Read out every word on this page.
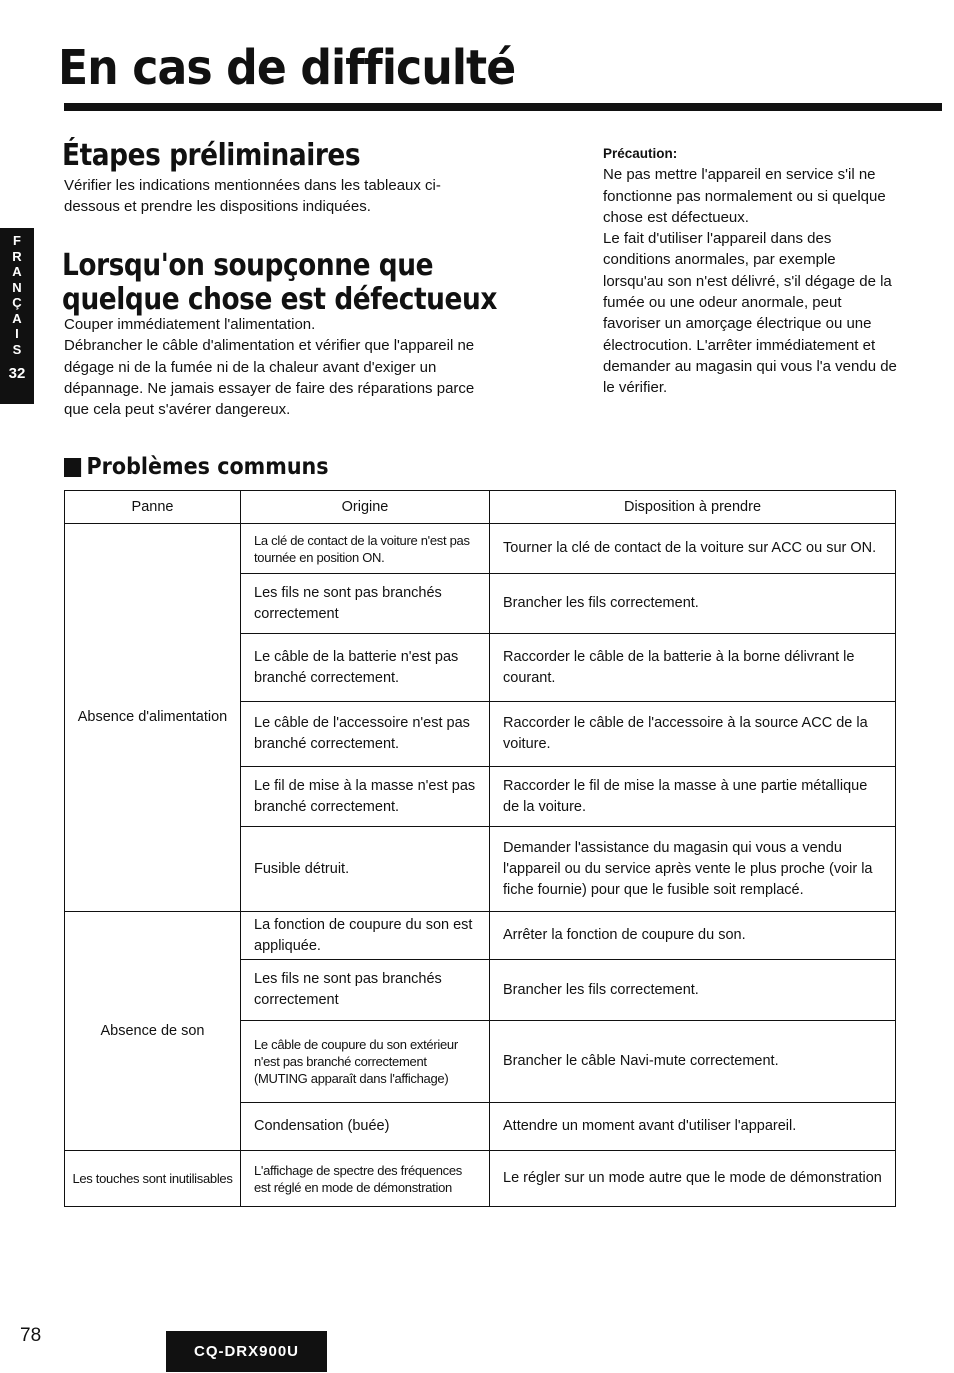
En cas de difficulté
F
R
A
N
Ç
A
I
S
32
Étapes préliminaires

Vérifier les indications mentionnées dans les tableaux ci-dessous et prendre les dispositions indiquées.

Lorsqu'on soupçonne que
quelque chose est défectueux

Couper immédiatement l'alimentation.

Débrancher le câble d'alimentation et vérifier que l'appareil ne dégage ni de la fumée ni de la chaleur avant d'exiger un dépannage. Ne jamais essayer de faire des réparations parce que cela peut s'avérer dangereux.

Précaution:

Ne pas mettre l'appareil en service s'il ne fonctionne pas normalement ou si quelque chose est défectueux.

Le fait d'utiliser l'appareil dans des conditions anormales, par exemple lorsqu'au son n'est délivré, s'il dégage de la fumée ou une odeur anormale, peut favoriser un amorçage électrique ou une électrocution. L'arrêter immédiatement et demander au magasin qui vous l'a vendu de le vérifier.

Problèmes communs
Panne	Origine	Disposition à prendre
Absence d'alimentation	La clé de contact de la voiture n'est pas tournée en position ON.	Tourner la clé de contact de la voiture sur ACC ou sur ON.
	Les fils ne sont pas branchés correctement	Brancher les fils correctement.
	Le câble de la batterie n'est pas branché correctement.	Raccorder le câble de la batterie à la borne délivrant le courant.
	Le câble de l'accessoire n'est pas branché correctement.	Raccorder le câble de l'accessoire à la source ACC de la voiture.
	Le fil de mise à la masse n'est pas branché correctement.	Raccorder le fil de mise la masse à une partie métallique de la voiture.
	Fusible détruit.	Demander l'assistance du magasin qui vous a vendu l'appareil ou du service après vente le plus proche (voir la fiche fournie) pour que le fusible soit remplacé.
Absence de son	La fonction de coupure du son est appliquée.	Arrêter la fonction de coupure du son.
	Les fils ne sont pas branchés correctement	Brancher les fils correctement.
	Le câble de coupure du son extérieur n'est pas branché correctement (MUTING apparaît dans l'affichage)	Brancher le câble Navi-mute correctement.
	Condensation (buée)	Attendre un moment avant d'utiliser l'appareil.
Les touches sont inutilisables	L'affichage de spectre des fréquences est réglé en mode de démonstration	Le régler sur un mode autre que le mode de démonstration
78
CQ-DRX900U
